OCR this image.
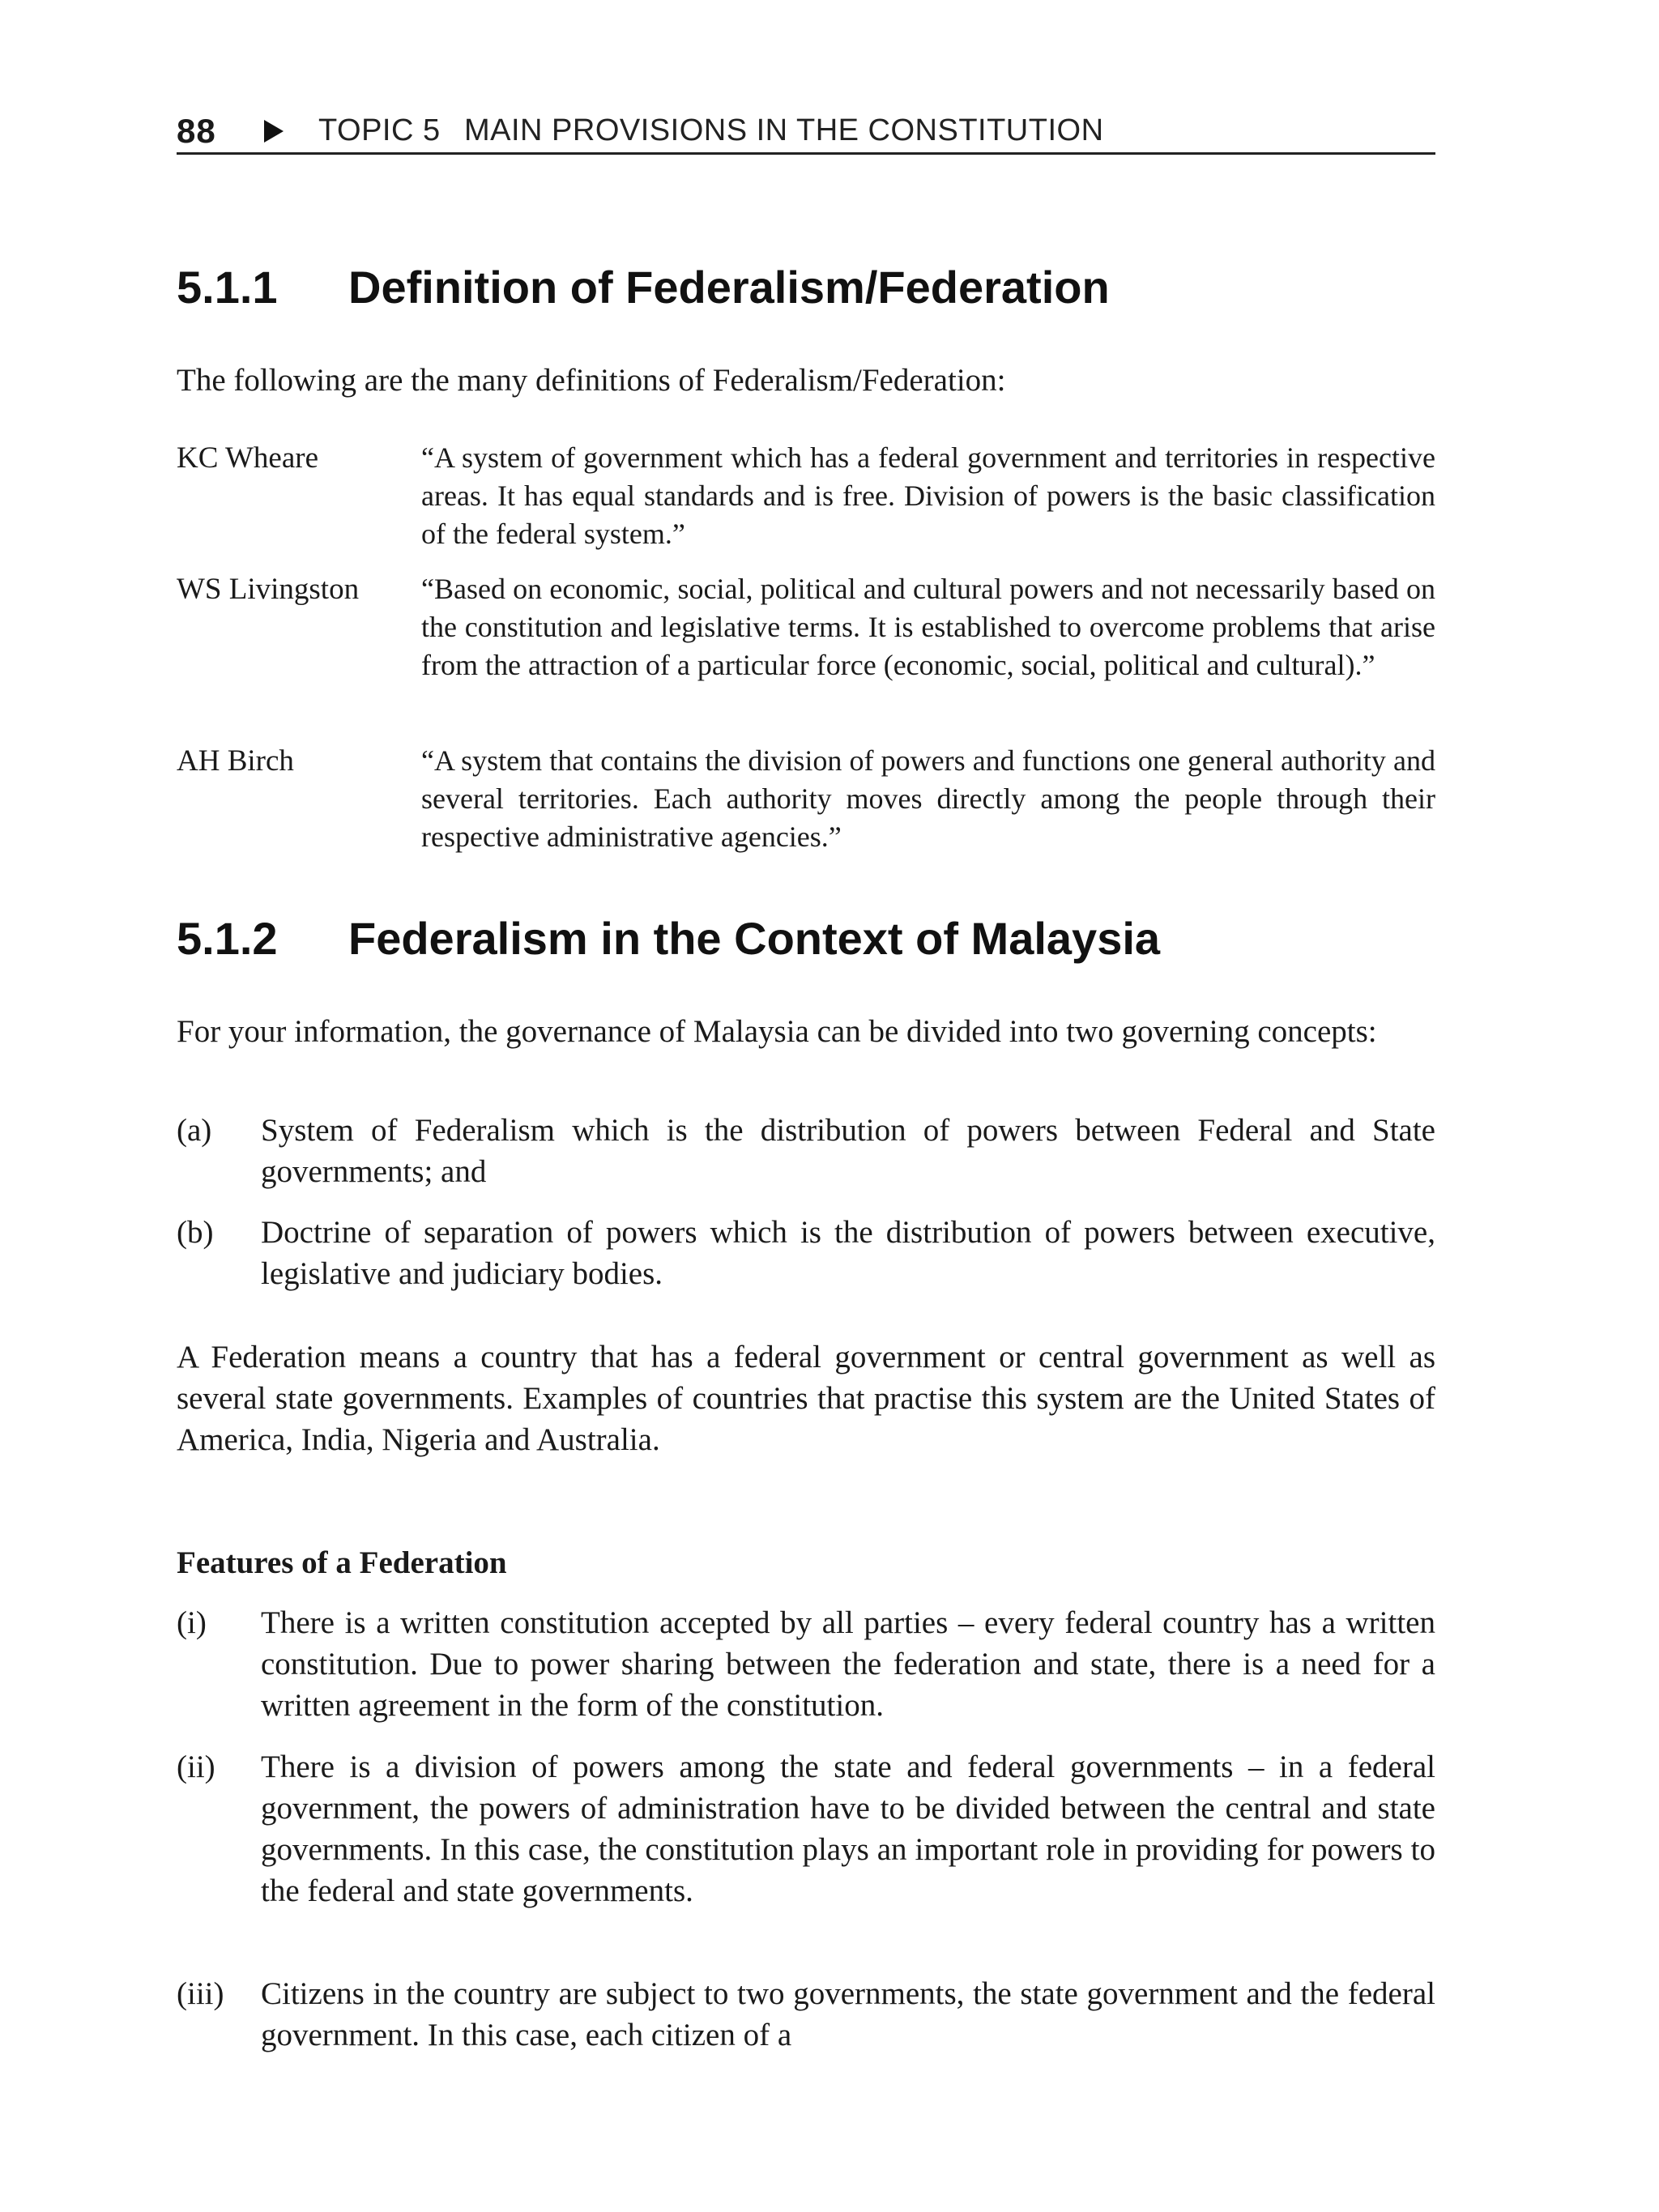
88	TOPIC 5 MAIN PROVISIONS IN THE CONSTITUTION
5.1.1 Definition of Federalism/Federation
The following are the many definitions of Federalism/Federation:
KC Wheare	“A system of government which has a federal government and territories in respective areas. It has equal standards and is free. Division of powers is the basic classification of the federal system.”
WS Livingston “Based on economic, social, political and cultural powers and not necessarily based on the constitution and legislative terms. It is established to overcome problems that arise from the attraction of a particular force (economic, social, political and cultural).”
AH Birch	“A system that contains the division of powers and functions one general authority and several territories. Each authority moves directly among the people through their respective administrative agencies.”
5.1.2 Federalism in the Context of Malaysia
For your information, the governance of Malaysia can be divided into two governing concepts:
(a) System of Federalism which is the distribution of powers between Federal and State governments; and
(b) Doctrine of separation of powers which is the distribution of powers between executive, legislative and judiciary bodies.
A Federation means a country that has a federal government or central government as well as several state governments. Examples of countries that practise this system are the United States of America, India, Nigeria and Australia.
Features of a Federation
(i) There is a written constitution accepted by all parties – every federal country has a written constitution. Due to power sharing between the federation and state, there is a need for a written agreement in the form of the constitution.
(ii) There is a division of powers among the state and federal governments – in a federal government, the powers of administration have to be divided between the central and state governments. In this case, the constitution plays an important role in providing for powers to the federal and state governments.
(iii) Citizens in the country are subject to two governments, the state government and the federal government. In this case, each citizen of a
